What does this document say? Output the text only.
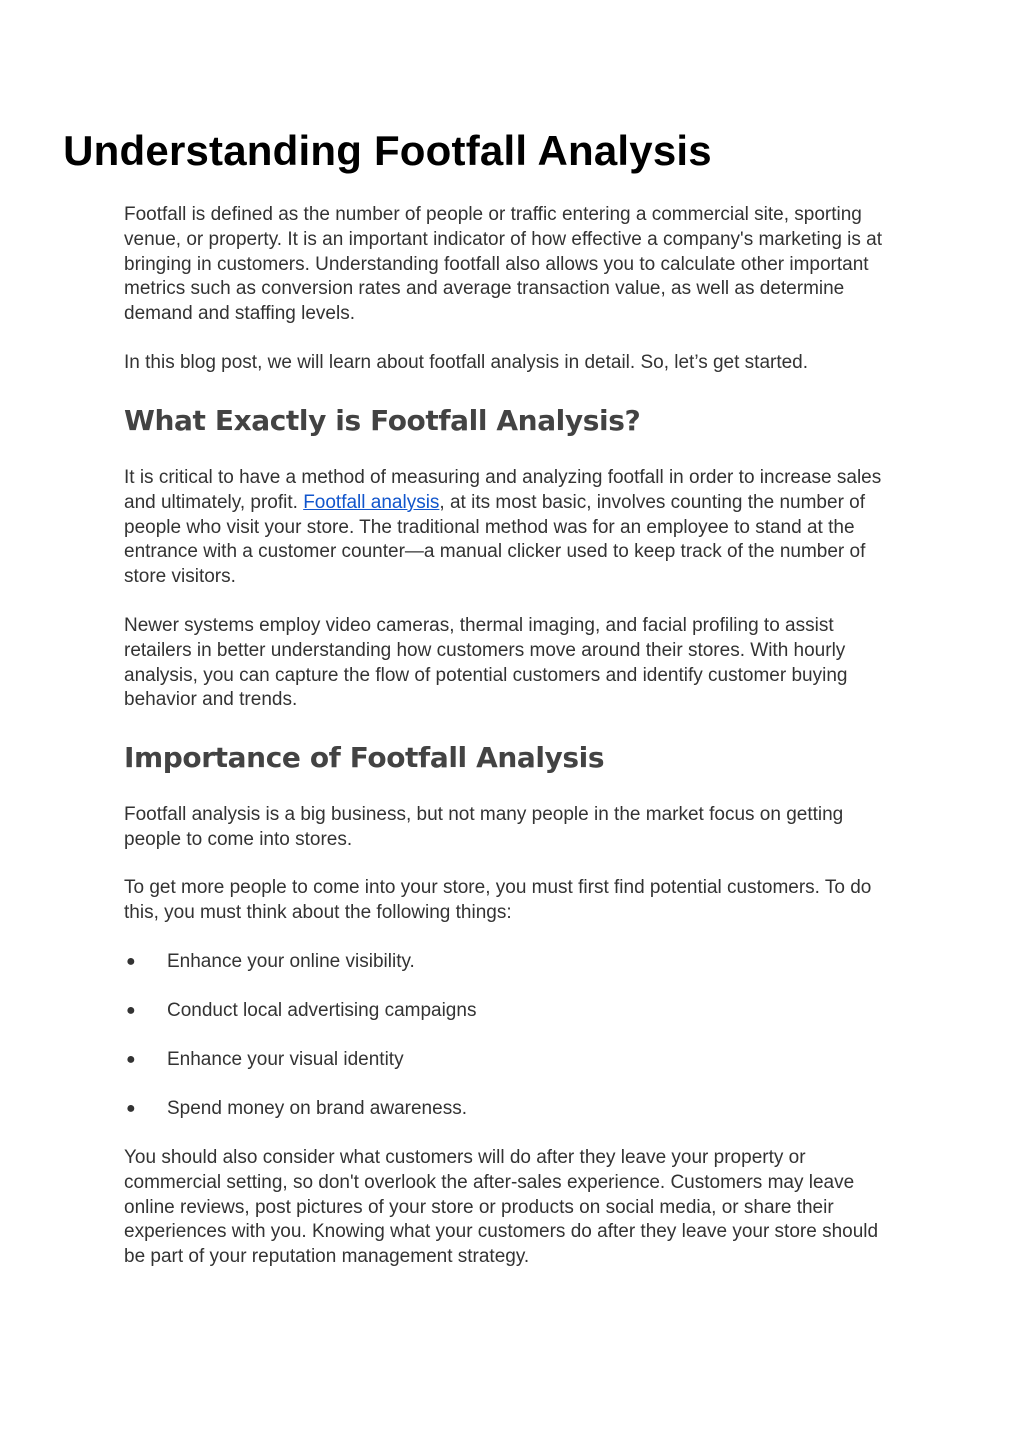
Understanding Footfall Analysis

Footfall is defined as the number of people or traffic entering a commercial site, sporting venue, or property. It is an important indicator of how effective a company's marketing is at bringing in customers. Understanding footfall also allows you to calculate other important metrics such as conversion rates and average transaction value, as well as determine demand and staffing levels.

In this blog post, we will learn about footfall analysis in detail. So, let’s get started.

What Exactly is Footfall Analysis?

It is critical to have a method of measuring and analyzing footfall in order to increase sales and ultimately, profit. Footfall analysis, at its most basic, involves counting the number of people who visit your store. The traditional method was for an employee to stand at the entrance with a customer counter—a manual clicker used to keep track of the number of store visitors.

Newer systems employ video cameras, thermal imaging, and facial profiling to assist retailers in better understanding how customers move around their stores. With hourly analysis, you can capture the flow of potential customers and identify customer buying behavior and trends.

Importance of Footfall Analysis

Footfall analysis is a big business, but not many people in the market focus on getting people to come into stores.

To get more people to come into your store, you must first find potential customers. To do this, you must think about the following things:

● Enhance your online visibility.
● Conduct local advertising campaigns
● Enhance your visual identity
● Spend money on brand awareness.

You should also consider what customers will do after they leave your property or commercial setting, so don't overlook the after-sales experience. Customers may leave online reviews, post pictures of your store or products on social media, or share their experiences with you. Knowing what your customers do after they leave your store should be part of your reputation management strategy.
